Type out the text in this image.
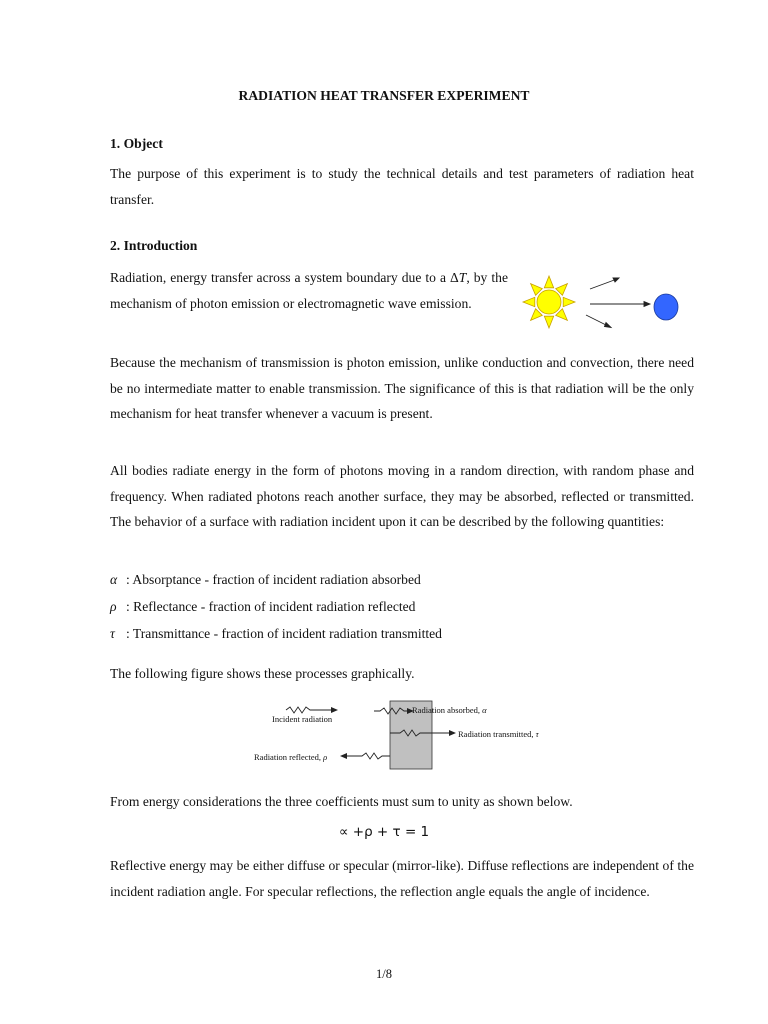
RADIATION HEAT TRANSFER EXPERIMENT
1. Object
The purpose of this experiment is to study the technical details and test parameters of radiation heat transfer.
2. Introduction
Radiation, energy transfer across a system boundary due to a ΔT, by the mechanism of photon emission or electromagnetic wave emission.
Because the mechanism of transmission is photon emission, unlike conduction and convection, there need be no intermediate matter to enable transmission. The significance of this is that radiation will be the only mechanism for heat transfer whenever a vacuum is present.
All bodies radiate energy in the form of photons moving in a random direction, with random phase and frequency. When radiated photons reach another surface, they may be absorbed, reflected or transmitted. The behavior of a surface with radiation incident upon it can be described by the following quantities:
α : Absorptance - fraction of incident radiation absorbed
ρ : Reflectance - fraction of incident radiation reflected
τ : Transmittance - fraction of incident radiation transmitted
The following figure shows these processes graphically.
Incident radiation
Radiation absorbed, α
Radiation transmitted, τ
Radiation reflected, ρ
From energy considerations the three coefficients must sum to unity as shown below.
∝ +ρ + τ = 1
Reflective energy may be either diffuse or specular (mirror-like). Diffuse reflections are independent of the incident radiation angle. For specular reflections, the reflection angle equals the angle of incidence.
1/8
